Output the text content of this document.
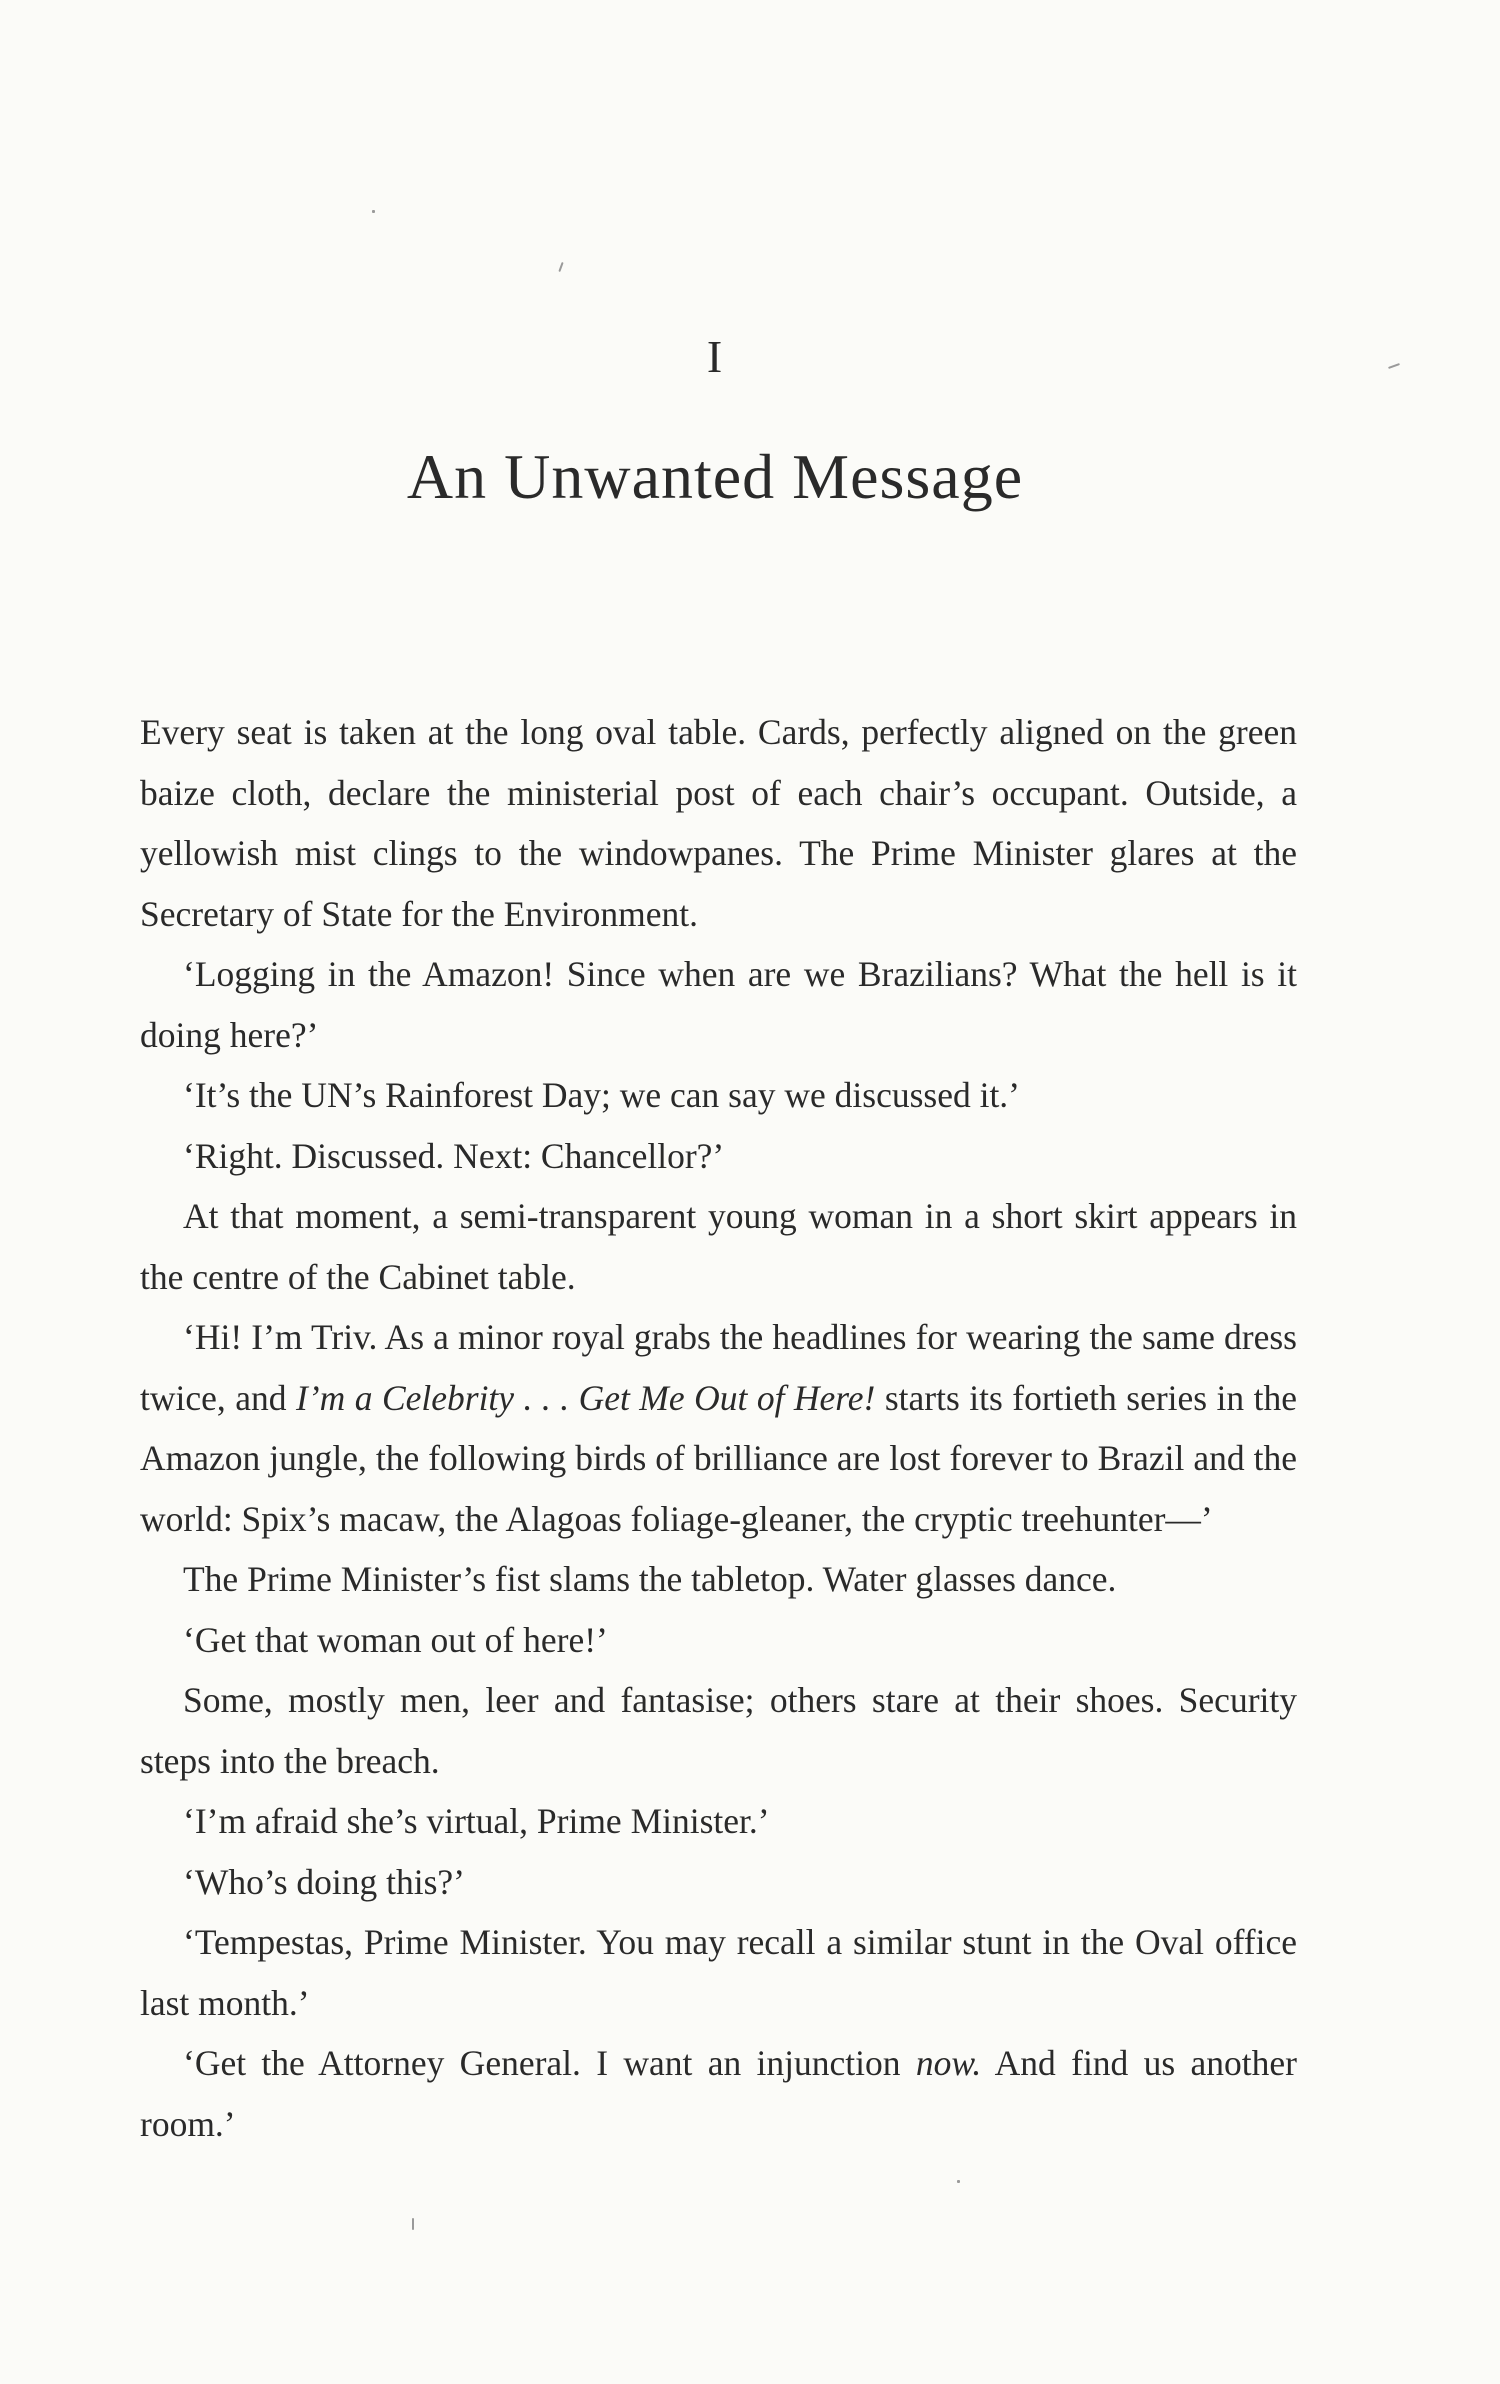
I
An Unwanted Message

Every seat is taken at the long oval table. Cards, perfectly aligned on the green baize cloth, declare the ministerial post of each chair’s occupant. Outside, a yellowish mist clings to the windowpanes. The Prime Minister glares at the Secretary of State for the Environment.

‘Logging in the Amazon! Since when are we Brazilians? What the hell is it doing here?’

‘It’s the UN’s Rainforest Day; we can say we discussed it.’

‘Right. Discussed. Next: Chancellor?’

At that moment, a semi-transparent young woman in a short skirt appears in the centre of the Cabinet table.

‘Hi! I’m Triv. As a minor royal grabs the headlines for wearing the same dress twice, and I’m a Celebrity . . . Get Me Out of Here! starts its fortieth series in the Amazon jungle, the following birds of brilliance are lost forever to Brazil and the world: Spix’s macaw, the Alagoas foliage-gleaner, the cryptic treehunter—’

The Prime Minister’s fist slams the tabletop. Water glasses dance.

‘Get that woman out of here!’

Some, mostly men, leer and fantasise; others stare at their shoes. Security steps into the breach.

‘I’m afraid she’s virtual, Prime Minister.’

‘Who’s doing this?’

‘Tempestas, Prime Minister. You may recall a similar stunt in the Oval office last month.’

‘Get the Attorney General. I want an injunction now. And find us another room.’
